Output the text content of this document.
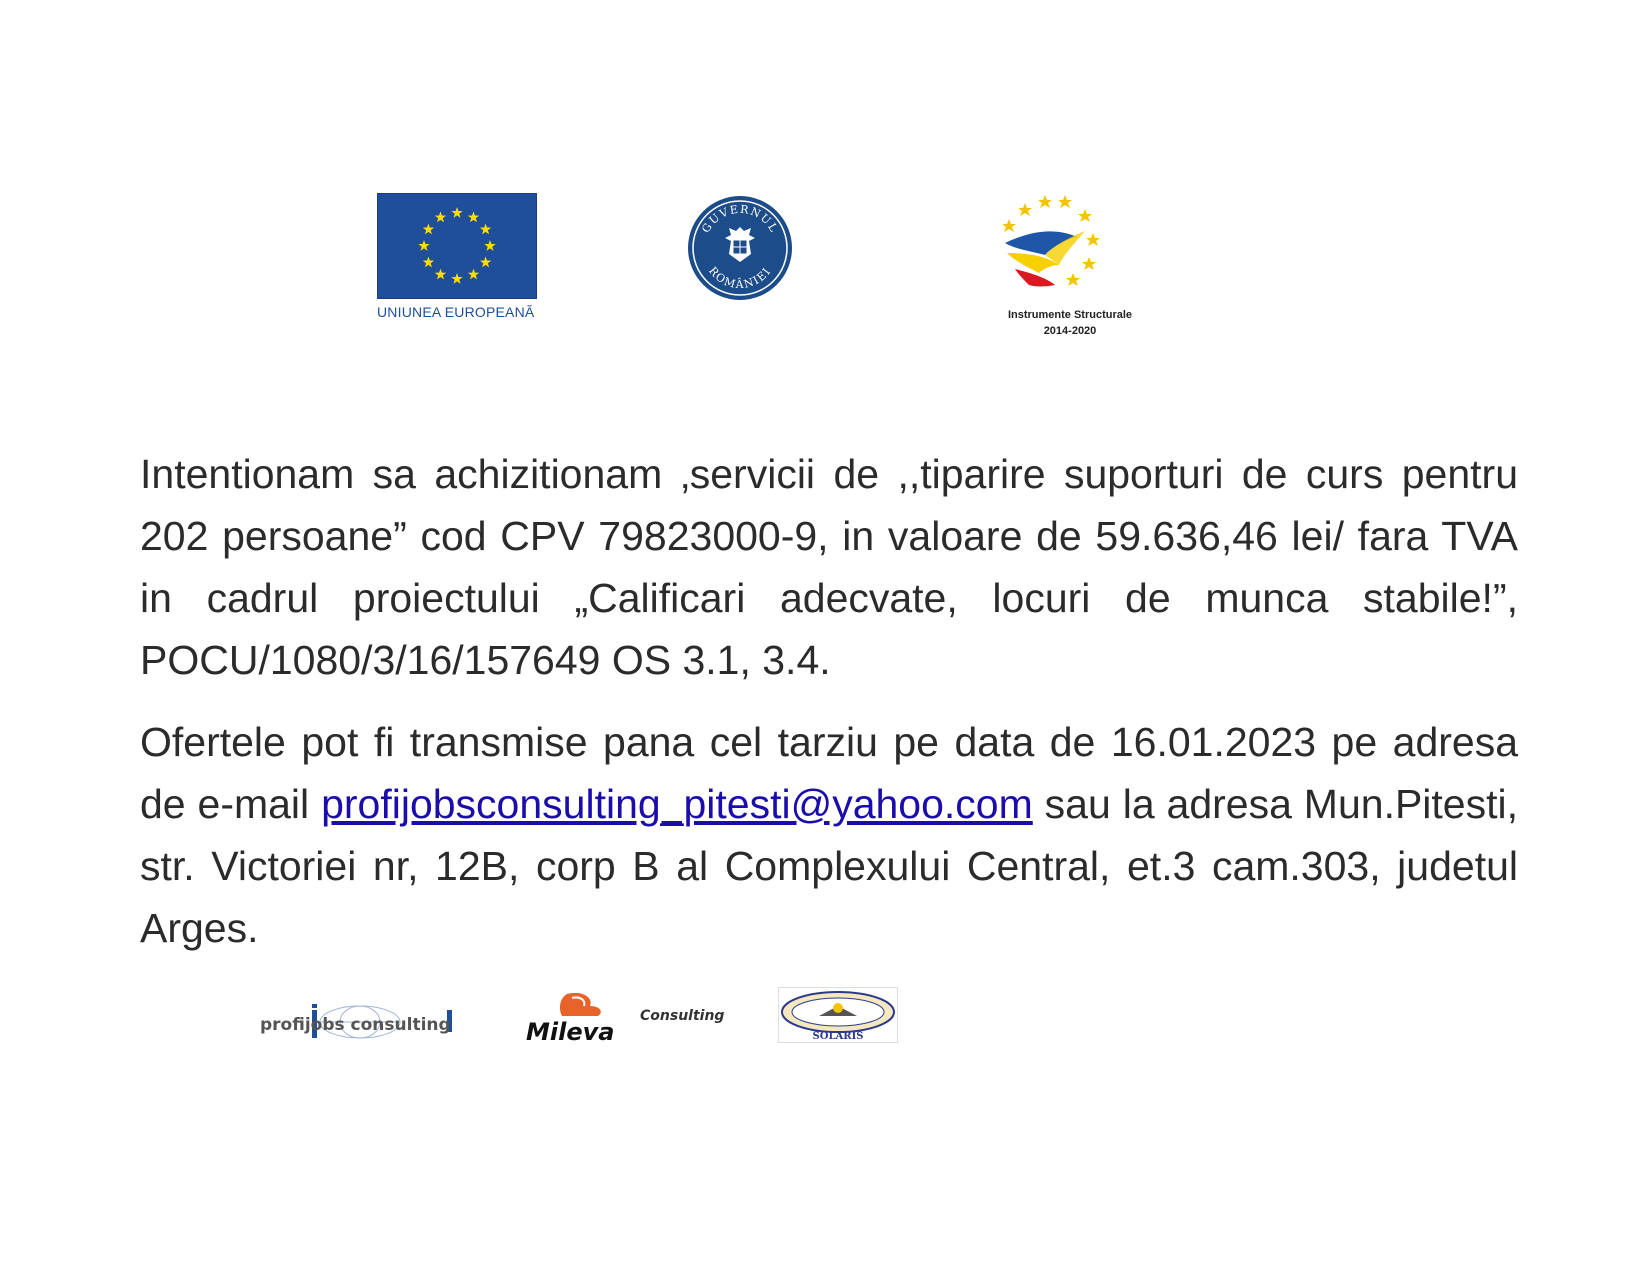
UNIUNEA EUROPEANĂ
GUVERNUL
ROMÂNIEI
Instrumente Structurale
2014-2020
Intentionam sa achizitionam ‚servicii de ,,tiparire suporturi de curs pentru 202 persoane” cod CPV 79823000-9, in valoare de 59.636,46 lei/ fara TVA in cadrul proiectului „Calificari adecvate, locuri de munca stabile!”, POCU/1080/3/16/157649 OS 3.1, 3.4.
Ofertele pot fi transmise pana cel tarziu pe data de 16.01.2023 pe adresa de e-mail profijobsconsulting_pitesti@yahoo.com sau la adresa Mun.Pitesti, str. Victoriei nr, 12B, corp B al Complexului Central, et.3 cam.303, judetul Arges.
profijobs consulting	Consulting
Mileva	SOLARIS
